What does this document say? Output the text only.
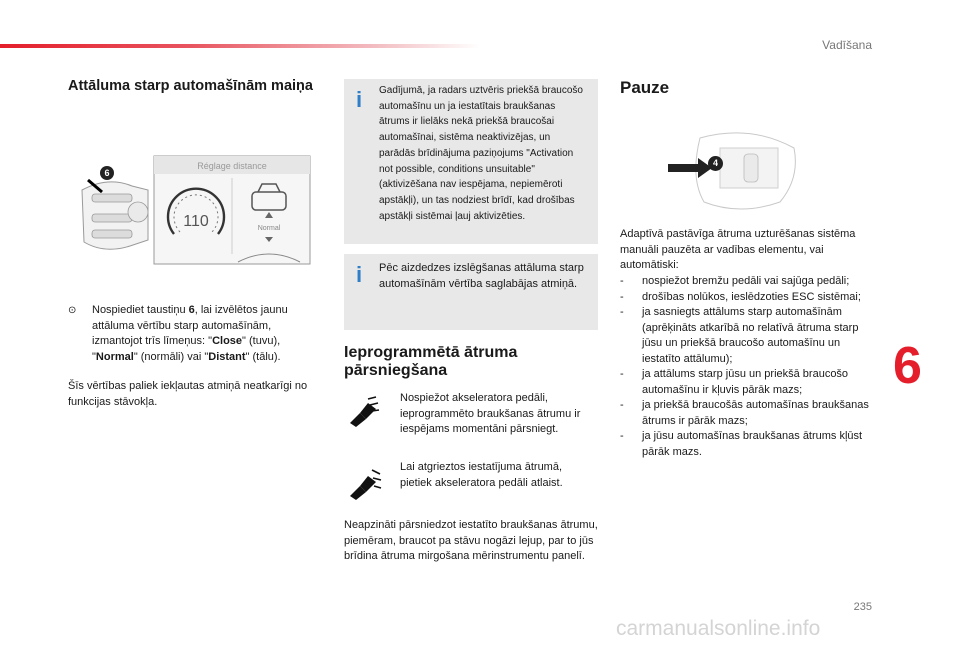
Vadīšana
6
235
Attāluma starp automašīnām maiņa
Réglage distance
110	Normal
6
⊙ Nospiediet taustiņu 6, lai izvēlētos jaunu attāluma vērtību starp automašīnām, izmantojot trīs līmeņus: "Close" (tuvu), "Normal" (normāli) vai "Distant" (tālu).

Šīs vērtības paliek iekļautas atmiņā neatkarīgi no funkcijas stāvokļa.

i Gadījumā, ja radars uztvēris priekšā braucošo automašīnu un ja iestatītais braukšanas ātrums ir lielāks nekā priekšā braucošai automašīnai, sistēma neaktivizējas, un parādās brīdinājuma paziņojums "Activation not possible, conditions unsuitable" (aktivizēšana nav iespējama, nepiemēroti apstākļi), un tas nodziest brīdī, kad drošības apstākļi sistēmai ļauj aktivizēties.
i Pēc aizdedzes izslēgšanas attāluma starp automašīnām vērtība saglabājas atmiņā.
Ieprogrammētā ātruma pārsniegšana

Nospiežot akseleratora pedāli, ieprogrammēto braukšanas ātrumu ir iespējams momentāni pārsniegt.

Lai atgrieztos iestatījuma ātrumā, pietiek akseleratora pedāli atlaist.

Neapzināti pārsniedzot iestatīto braukšanas ātrumu, piemēram, braucot pa stāvu nogāzi lejup, par to jūs brīdina ātruma mirgošana mērinstrumentu panelī.

Pauze
4

Adaptīvā pastāvīga ātruma uzturēšanas sistēma manuāli pauzēta ar vadības elementu, vai automātiski:

- nospiežot bremžu pedāli vai sajūga pedāli;
- drošības nolūkos, ieslēdzoties ESC sistēmai;
- ja sasniegts attālums starp automašīnām (aprēķināts atkarībā no relatīvā ātruma starp jūsu un priekšā braucošo automašīnu un iestatīto attālumu);
- ja attālums starp jūsu un priekšā braucošo automašīnu ir kļuvis pārāk mazs;
- ja priekšā braucošās automašīnas braukšanas ātrums ir pārāk mazs;
- ja jūsu automašīnas braukšanas ātrums kļūst pārāk mazs.
carmanualsonline.info
